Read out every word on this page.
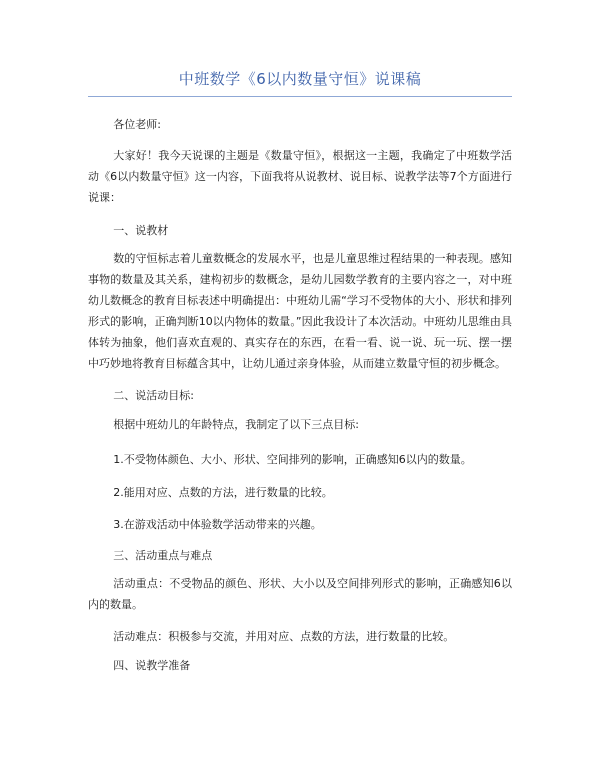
中班数学《6以内数量守恒》说课稿

各位老师:

大家好！我今天说课的主题是《数量守恒》，根据这一主题，我确定了中班数学活动《6以内数量守恒》这一内容，下面我将从说教材、说目标、说教学法等7个方面进行说课：

一、说教材

数的守恒标志着儿童数概念的发展水平，也是儿童思维过程结果的一种表现。感知事物的数量及其关系，建构初步的数概念，是幼儿园数学教育的主要内容之一，对中班幼儿数概念的教育目标表述中明确提出：中班幼儿需“学习不受物体的大小、形状和排列形式的影响，正确判断10以内物体的数量。”因此我设计了本次活动。中班幼儿思维由具体转为抽象，他们喜欢直观的、真实存在的东西，在看一看、说一说、玩一玩、摆一摆中巧妙地将教育目标蕴含其中，让幼儿通过亲身体验，从而建立数量守恒的初步概念。

二、说活动目标:

根据中班幼儿的年龄特点，我制定了以下三点目标:

1.不受物体颜色、大小、形状、空间排列的影响，正确感知6以内的数量。

2.能用对应、点数的方法，进行数量的比较。

3.在游戏活动中体验数学活动带来的兴趣。

三、活动重点与难点

活动重点：不受物品的颜色、形状、大小以及空间排列形式的影响，正确感知6以内的数量。

活动难点：积极参与交流，并用对应、点数的方法，进行数量的比较。

四、说教学准备
